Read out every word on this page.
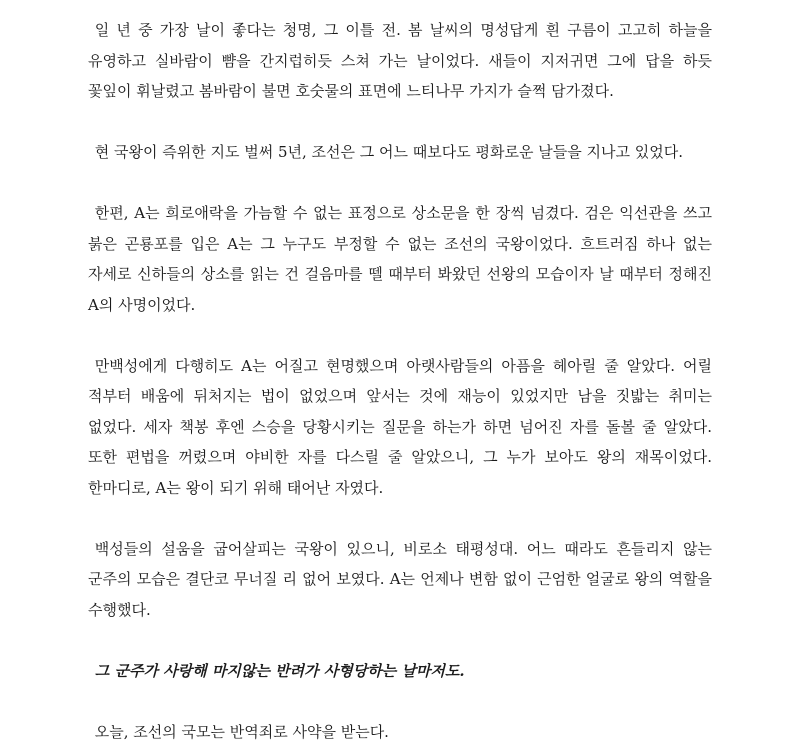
일 년 중 가장 날이 좋다는 청명, 그 이틀 전. 봄 날씨의 명성답게 흰 구름이 고고히 하늘을 유영하고 실바람이 뺨을 간지럽히듯 스쳐 가는 날이었다. 새들이 지저귀면 그에 답을 하듯 꽃잎이 휘날렸고 봄바람이 불면 호숫물의 표면에 느티나무 가지가 슬쩍 담가졌다.

현 국왕이 즉위한 지도 벌써 5년, 조선은 그 어느 때보다도 평화로운 날들을 지나고 있었다.

한편, A는 희로애락을 가늠할 수 없는 표정으로 상소문을 한 장씩 넘겼다. 검은 익선관을 쓰고 붉은 곤룡포를 입은 A는 그 누구도 부정할 수 없는 조선의 국왕이었다. 흐트러짐 하나 없는 자세로 신하들의 상소를 읽는 건 걸음마를 뗄 때부터 봐왔던 선왕의 모습이자 날 때부터 정해진 A의 사명이었다.

만백성에게 다행히도 A는 어질고 현명했으며 아랫사람들의 아픔을 헤아릴 줄 알았다. 어릴 적부터 배움에 뒤처지는 법이 없었으며 앞서는 것에 재능이 있었지만 남을 짓밟는 취미는 없었다. 세자 책봉 후엔 스승을 당황시키는 질문을 하는가 하면 넘어진 자를 돌볼 줄 알았다. 또한 편법을 꺼렸으며 야비한 자를 다스릴 줄 알았으니, 그 누가 보아도 왕의 재목이었다. 한마디로, A는 왕이 되기 위해 태어난 자였다.

백성들의 설움을 굽어살피는 국왕이 있으니, 비로소 태평성대. 어느 때라도 흔들리지 않는 군주의 모습은 결단코 무너질 리 없어 보였다. A는 언제나 변함 없이 근엄한 얼굴로 왕의 역할을 수행했다.

그 군주가 사랑해 마지않는 반려가 사형당하는 날마저도.

오늘, 조선의 국모는 반역죄로 사약을 받는다.
